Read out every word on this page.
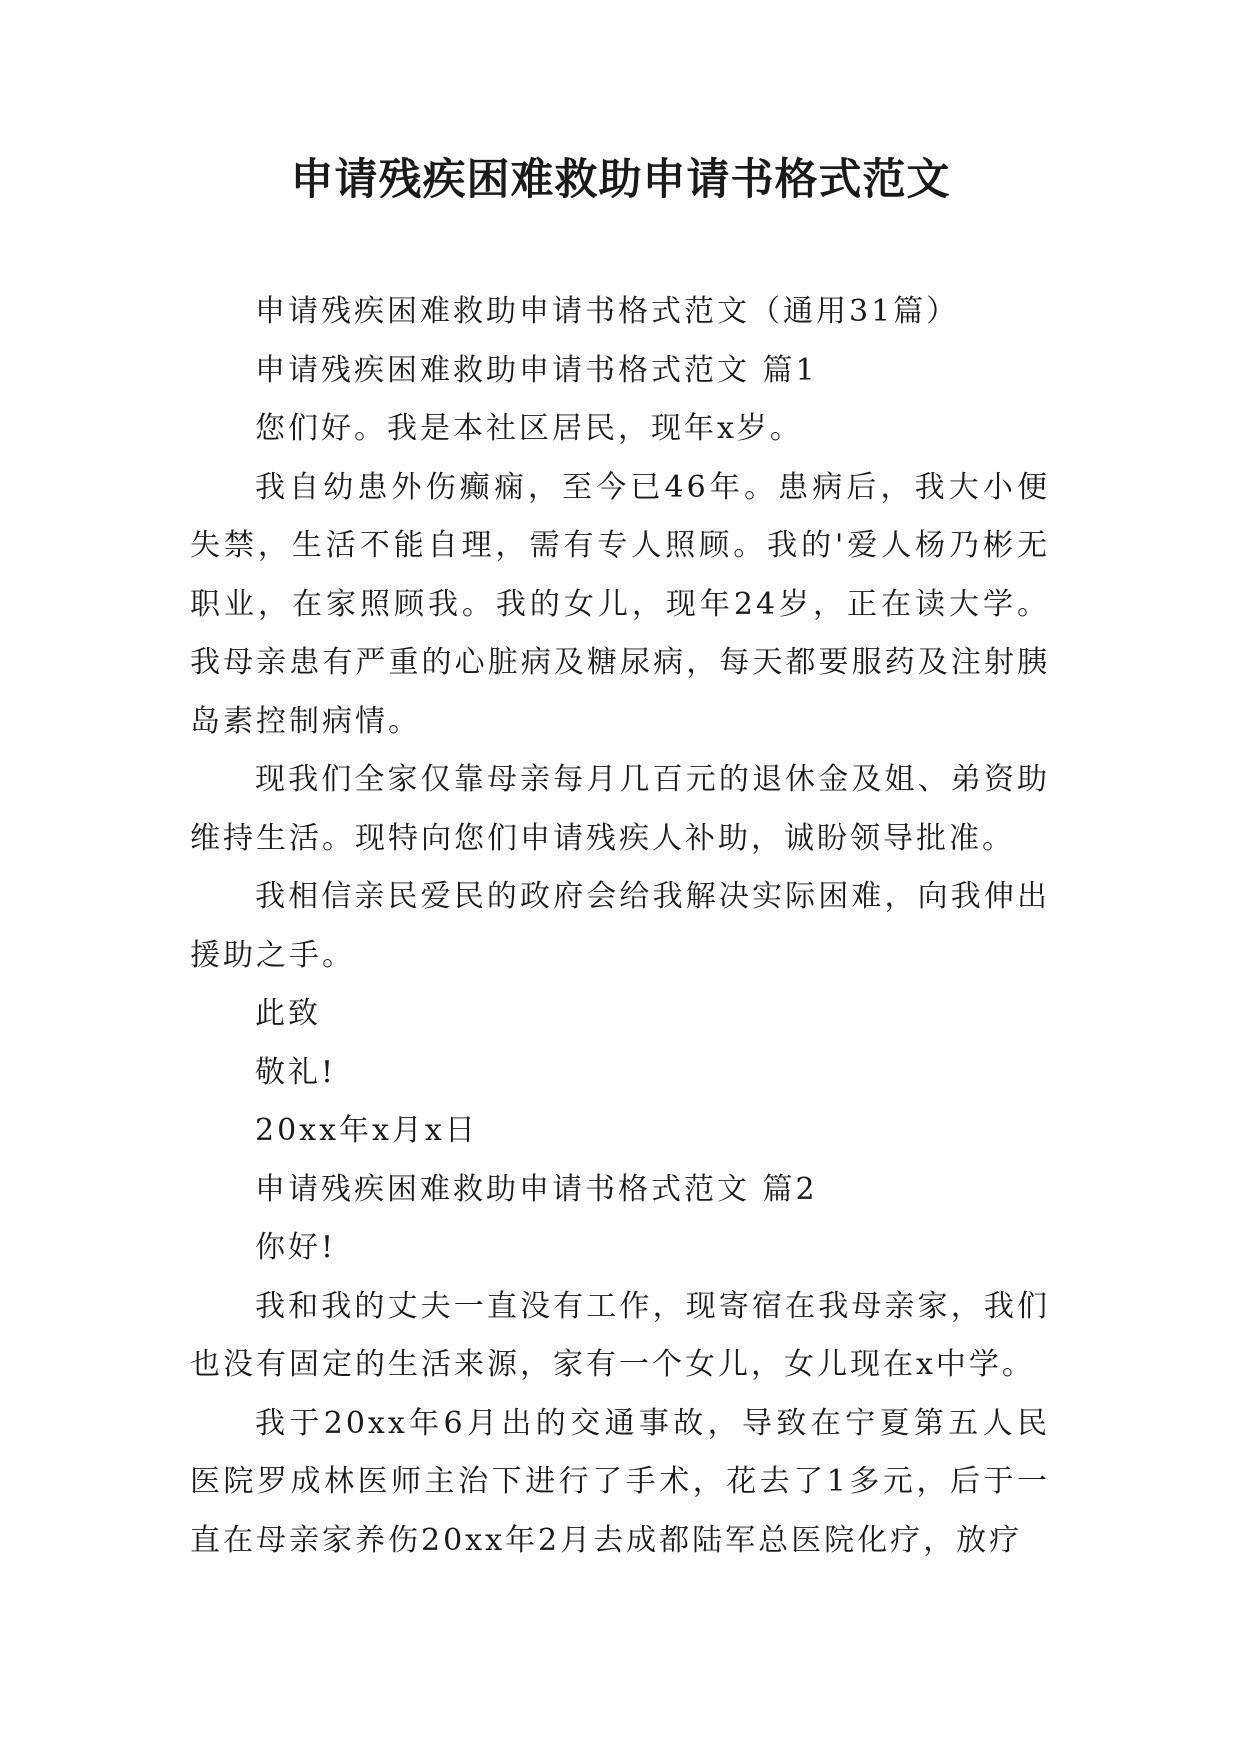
申请残疾困难救助申请书格式范文

申请残疾困难救助申请书格式范文（通用31篇）

申请残疾困难救助申请书格式范文 篇1

您们好。我是本社区居民，现年x岁。

我自幼患外伤癫痫，至今已46年。患病后，我大小便失禁，生活不能自理，需有专人照顾。我的'爱人杨乃彬无职业，在家照顾我。我的女儿，现年24岁，正在读大学。我母亲患有严重的心脏病及糖尿病，每天都要服药及注射胰岛素控制病情。

现我们全家仅靠母亲每月几百元的退休金及姐、弟资助维持生活。现特向您们申请残疾人补助，诚盼领导批准。

我相信亲民爱民的政府会给我解决实际困难，向我伸出援助之手。

此致

敬礼!

20xx年x月x日

申请残疾困难救助申请书格式范文 篇2

你好!

我和我的丈夫一直没有工作，现寄宿在我母亲家，我们也没有固定的生活来源，家有一个女儿，女儿现在x中学。

我于20xx年6月出的交通事故，导致在宁夏第五人民医院罗成林医师主治下进行了手术，花去了1多元，后于一直在母亲家养伤20xx年2月去成都陆军总医院化疗，放疗
